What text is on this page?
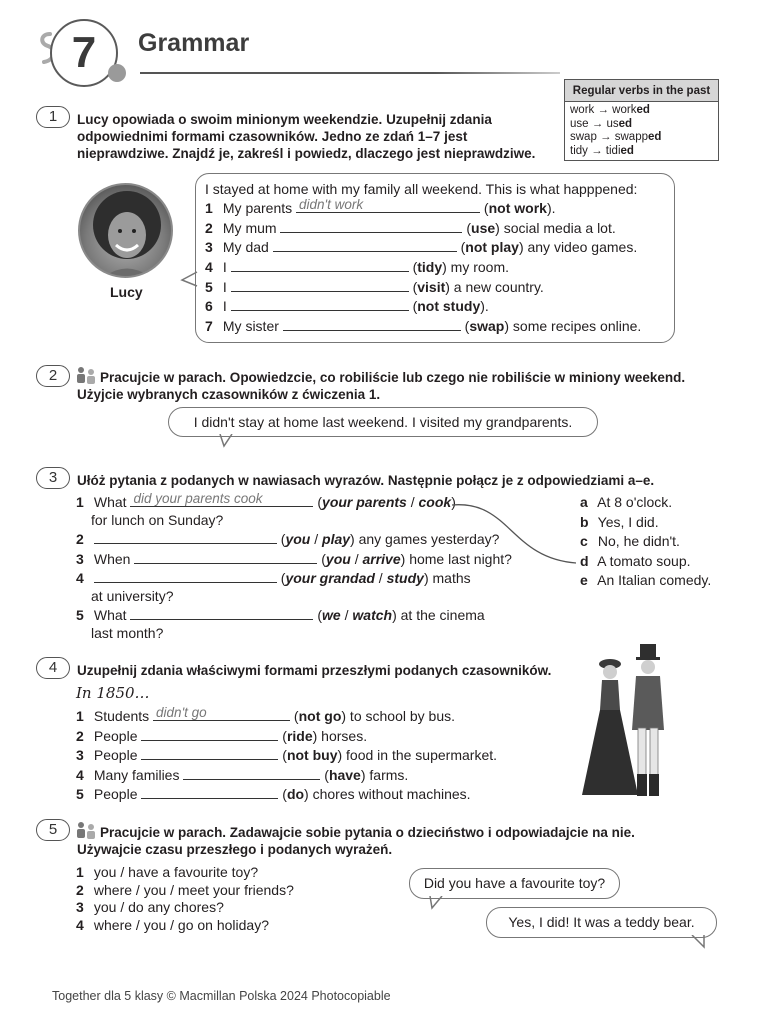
7	Grammar
Regular verbs in the past
work → worked
use → used
swap → swapped
tidy → tidied
1	Lucy opowiada o swoim minionym weekendzie. Uzupełnij zdania
odpowiednimi formami czasowników. Jedno ze zdań 1–7 jest
nieprawdziwe. Znajdź je, zakreśl i powiedz, dlaczego jest nieprawdziwe.
Lucy
I stayed at home with my family all weekend. This is what happpened:
1 My parents didn't work	(not work).
2 My mum	(use) social media a lot.
3 My dad	(not play) any video games.
4 I	(tidy) my room.
5 I	(visit) a new country.
6 I	(not study).
7 My sister	(swap) some recipes online.
2	Pracujcie w parach. Opowiedzcie, co robiliście lub czego nie robiliście w miniony weekend.
Użyjcie wybranych czasowników z ćwiczenia 1.
I didn't stay at home last weekend. I visited my grandparents.
3	Ułóż pytania z podanych w nawiasach wyrazów. Następnie połącz je z odpowiedziami a–e.
1 What did your parents cook	(your parents / cook)
for lunch on Sunday?
2	(you / play) any games yesterday?
3 When	(you / arrive) home last night?
4	(your grandad / study) maths
at university?
5 What	(we / watch) at the cinema
last month?
a At 8 o'clock.
b Yes, I did.
c No, he didn't.
d A tomato soup.
e An Italian comedy.
4	Uzupełnij zdania właściwymi formami przeszłymi podanych czasowników.
In 1850…
1 Students didn't go	(not go) to school by bus.
2 People	(ride) horses.
3 People	(not buy) food in the supermarket.
4 Many families	(have) farms.
5 People	(do) chores without machines.
5	Pracujcie w parach. Zadawajcie sobie pytania o dzieciństwo i odpowiadajcie na nie.
Używajcie czasu przeszłego i podanych wyrażeń.
1 you / have a favourite toy?
2 where / you / meet your friends?
3 you / do any chores?
4 where / you / go on holiday?
Did you have a favourite toy?
Yes, I did! It was a teddy bear.
Together dla 5 klasy © Macmillan Polska 2024 Photocopiable
